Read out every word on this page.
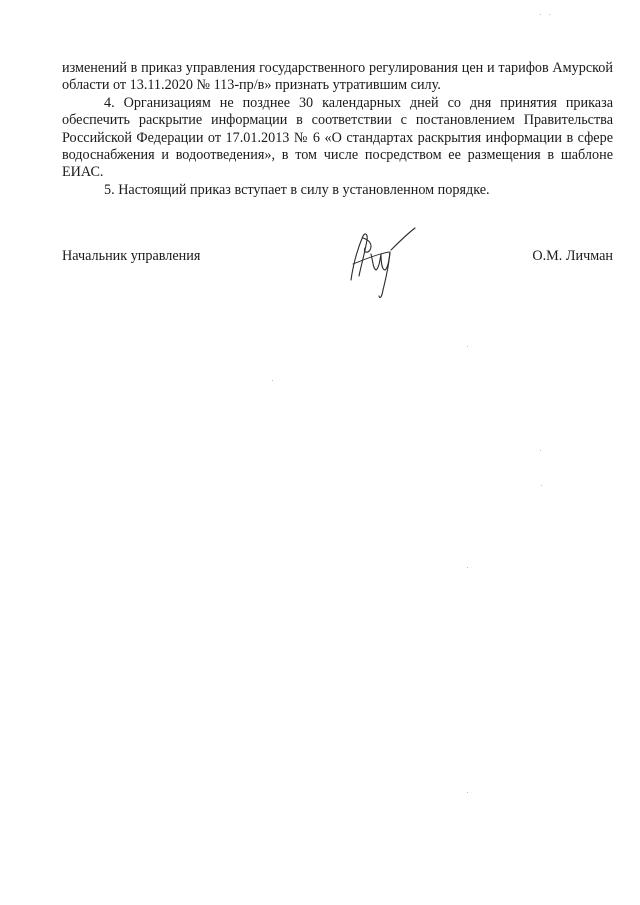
изменений в приказ управления государственного регулирования цен и тарифов Амурской области от 13.11.2020 № 113-пр/в» признать утратившим силу.

4. Организациям не позднее 30 календарных дней со дня принятия приказа обеспечить раскрытие информации в соответствии с постановлением Правительства Российской Федерации от 17.01.2013 № 6 «О стандартах раскрытия информации в сфере водоснабжения и водоотведения», в том числе посредством ее размещения в шаблоне ЕИАС.

5. Настоящий приказ вступает в силу в установленном порядке.

Начальник управления	О.М. Личман
